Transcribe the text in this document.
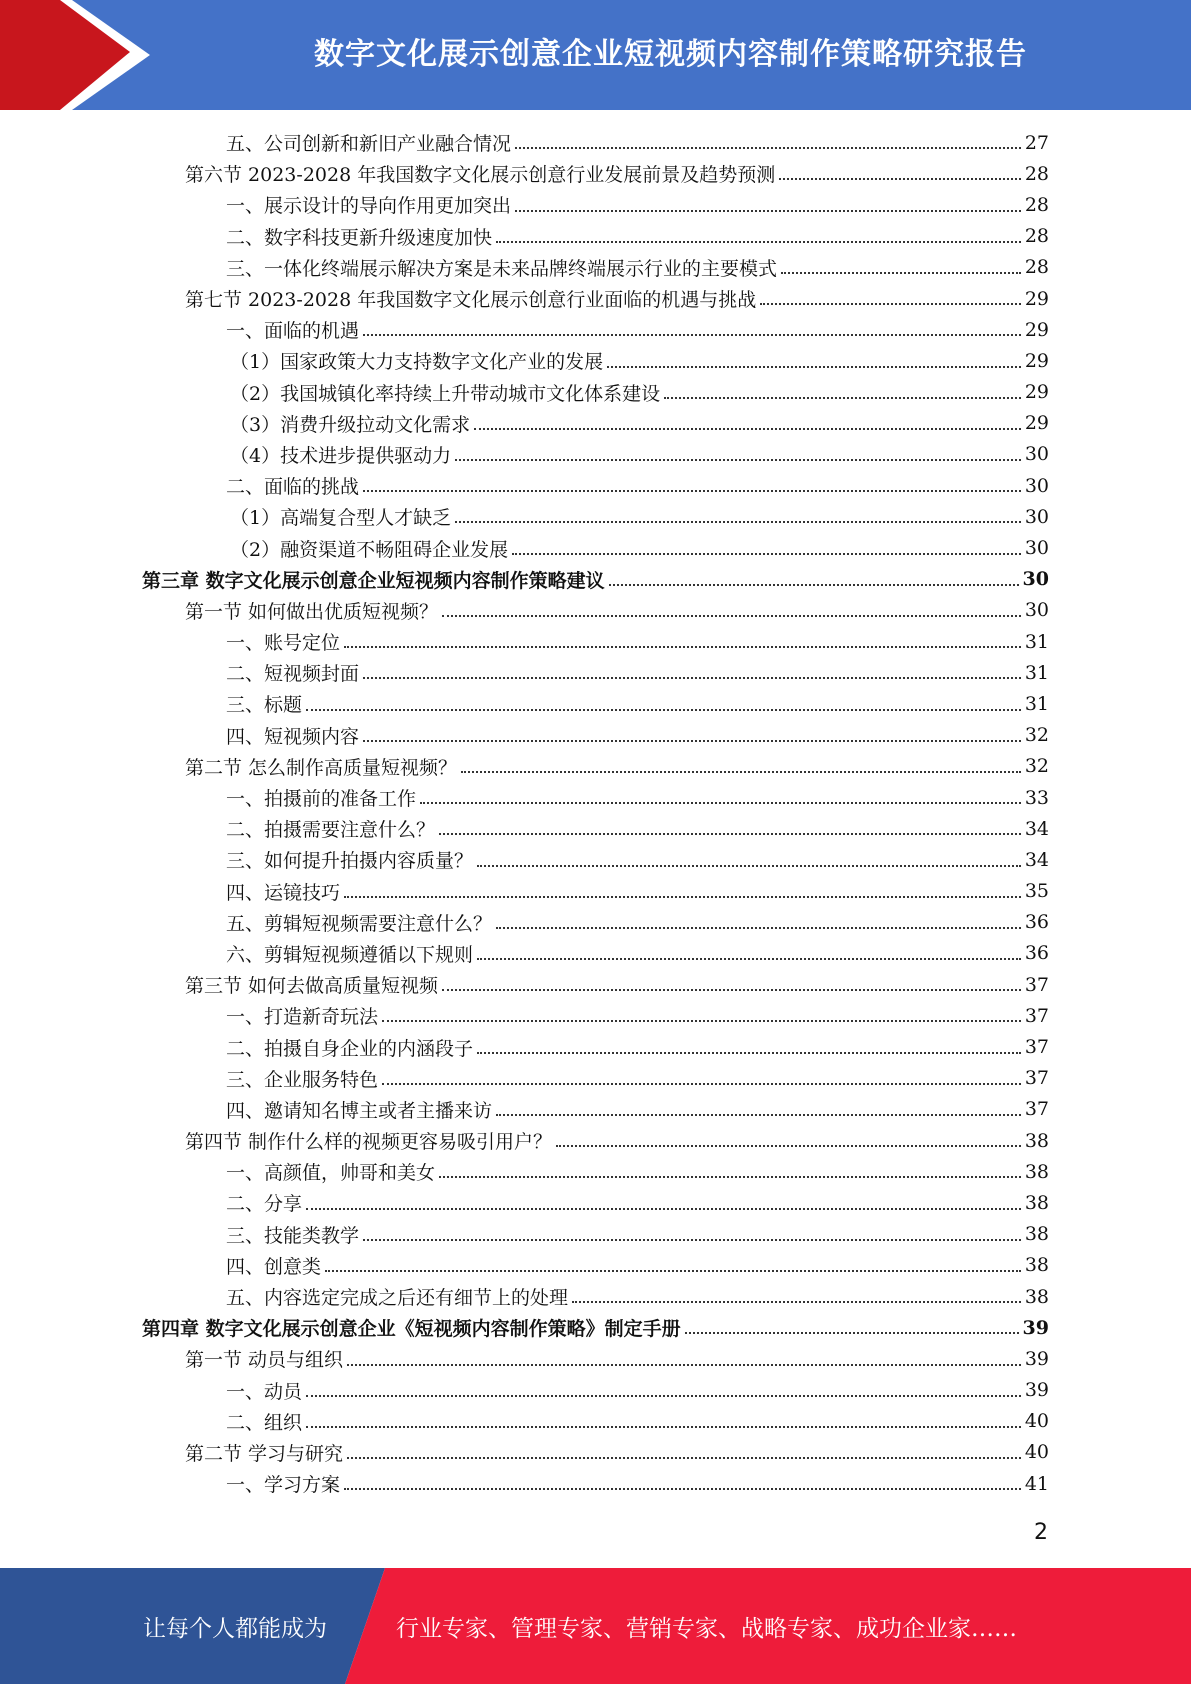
数字文化展示创意企业短视频内容制作策略研究报告
五、公司创新和新旧产业融合情况	27
第六节 2023-2028 年我国数字文化展示创意行业发展前景及趋势预测	28
一、展示设计的导向作用更加突出	28
二、数字科技更新升级速度加快	28
三、一体化终端展示解决方案是未来品牌终端展示行业的主要模式	28
第七节 2023-2028 年我国数字文化展示创意行业面临的机遇与挑战	29
一、面临的机遇	29
（1）国家政策大力支持数字文化产业的发展	29
（2）我国城镇化率持续上升带动城市文化体系建设	29
（3）消费升级拉动文化需求	29
（4）技术进步提供驱动力	30
二、面临的挑战	30
（1）高端复合型人才缺乏	30
（2）融资渠道不畅阻碍企业发展	30
第三章 数字文化展示创意企业短视频内容制作策略建议	30
第一节 如何做出优质短视频？	30
一、账号定位	31
二、短视频封面	31
三、标题	31
四、短视频内容	32
第二节 怎么制作高质量短视频？	32
一、拍摄前的准备工作	33
二、拍摄需要注意什么？	34
三、如何提升拍摄内容质量？	34
四、运镜技巧	35
五、剪辑短视频需要注意什么？	36
六、剪辑短视频遵循以下规则	36
第三节 如何去做高质量短视频	37
一、打造新奇玩法	37
二、拍摄自身企业的内涵段子	37
三、企业服务特色	37
四、邀请知名博主或者主播来访	37
第四节 制作什么样的视频更容易吸引用户？	38
一、高颜值，帅哥和美女	38
二、分享	38
三、技能类教学	38
四、创意类	38
五、内容选定完成之后还有细节上的处理	38
第四章 数字文化展示创意企业《短视频内容制作策略》制定手册	39
第一节 动员与组织	39
一、动员	39
二、组织	40
第二节 学习与研究	40
一、学习方案	41
2
让每个人都能成为	行业专家、管理专家、营销专家、战略专家、成功企业家……
